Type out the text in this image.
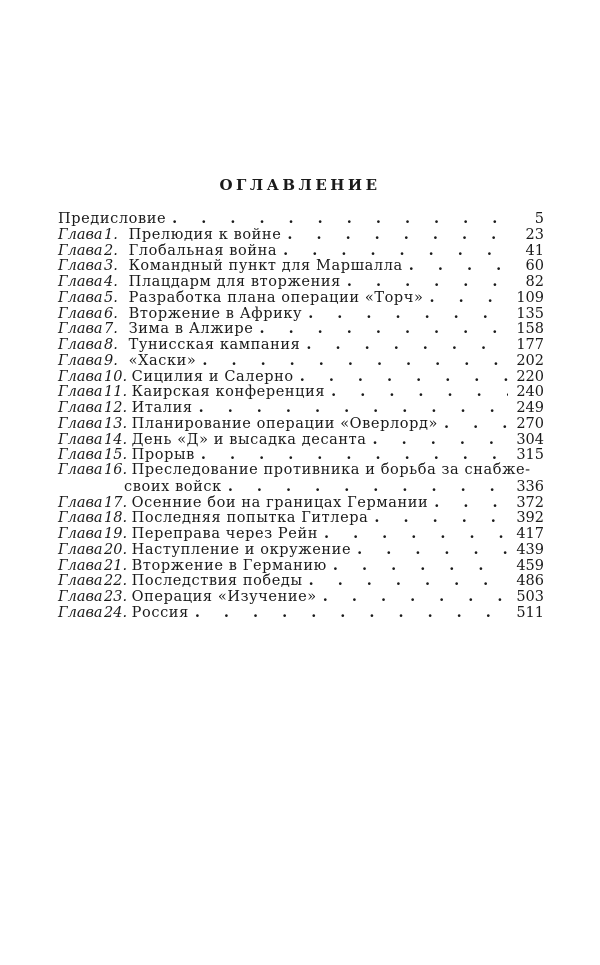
ОГЛАВЛЕНИЕ
Предисловие . . .	5
Глава1. Прелюдия к войне . . .	23
Глава2. Глобальная война . . .	41
Глава3. Командный пункт для Маршалла . . .	60
Глава4. Плацдарм для вторжения . . .	82
Глава5. Разработка плана операции «Торч» . . .	109
Глава6. Вторжение в Африку . . .	135
Глава7. Зима в Алжире . . .	158
Глава8. Тунисская кампания . . .	177
Глава9. «Хаски» . . .	202
Глава10. Сицилия и Салерно . . .	220
Глава11. Каирская конференция . . .	240
Глава12. Италия . . .	249
Глава13. Планирование операции «Оверлорд» . . .	270
Глава14. День «Д» и высадка десанта . . .	304
Глава15. Прорыв . . .	315
Глава16. Преследование противника и борьба за снабже-
своих войск . . .	336
Глава17. Осенние бои на границах Германии . . .	372
Глава18. Последняя попытка Гитлера . . .	392
Глава19. Переправа через Рейн . . .	417
Глава20. Наступление и окружение . . .	439
Глава21. Вторжение в Германию . . .	459
Глава22. Последствия победы . . .	486
Глава23. Операция «Изучение» . . .	503
Глава24. Россия . . .	511
